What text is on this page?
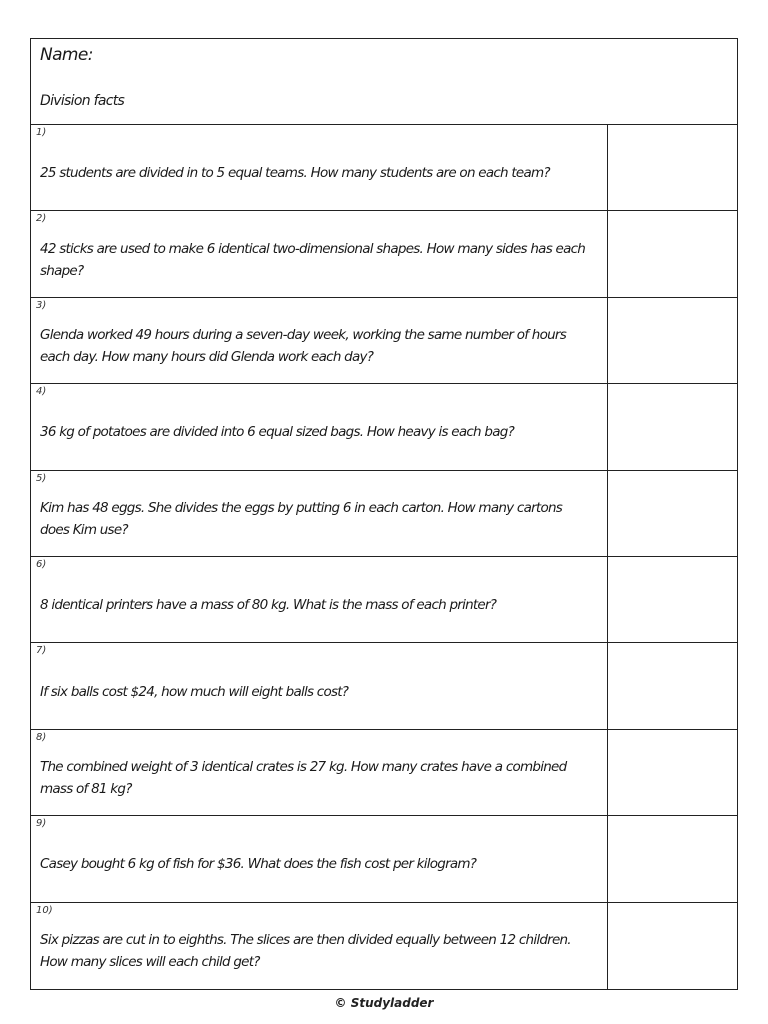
Name:
Division facts
1)
25 students are divided in to 5 equal teams. How many students are on each team?
2)
42 sticks are used to make 6 identical two-dimensional shapes. How many sides has each shape?
3)
Glenda worked 49 hours during a seven-day week, working the same number of hours each day. How many hours did Glenda work each day?
4)
36 kg of potatoes are divided into 6 equal sized bags. How heavy is each bag?
5)
Kim has 48 eggs. She divides the eggs by putting 6 in each carton. How many cartons does Kim use?
6)
8 identical printers have a mass of 80 kg. What is the mass of each printer?
7)
If six balls cost $24, how much will eight balls cost?
8)
The combined weight of 3 identical crates is 27 kg. How many crates have a combined mass of 81 kg?
9)
Casey bought 6 kg of fish for $36. What does the fish cost per kilogram?
10)
Six pizzas are cut in to eighths. The slices are then divided equally between 12 children. How many slices will each child get?
© Studyladder
